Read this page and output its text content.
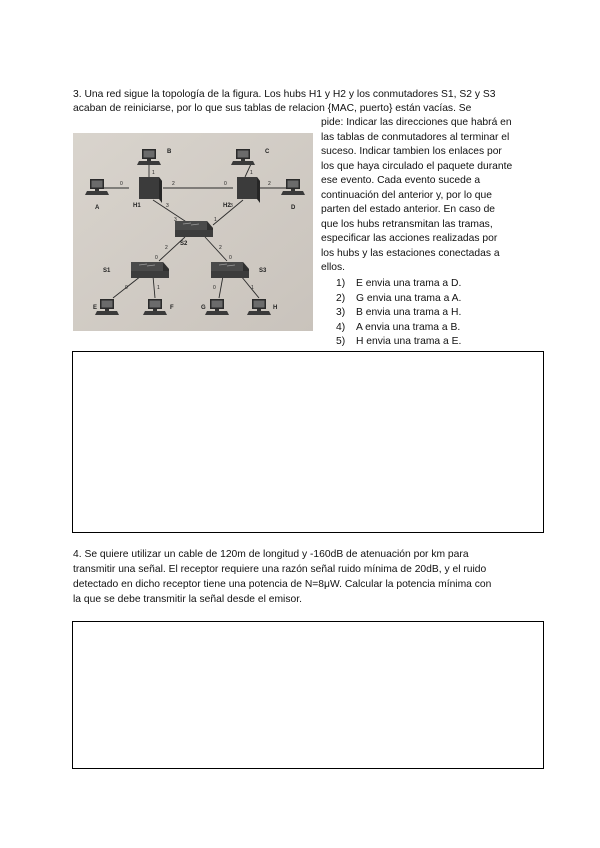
3. Una red sigue la topología de la figura. Los hubs H1 y H2 y los conmutadores S1, S2 y S3
acaban de reiniciarse, por lo que sus tablas de relacion {MAC, puerto} están vacías. Se
pide: Indicar las direcciones que habrá en
las tablas de conmutadores al terminar el
suceso. Indicar tambien los enlaces por
los que haya circulado el paquete durante
ese evento. Cada evento sucede a
continuación del anterior y, por lo que
parten del estado anterior. En caso de
que los hubs retransmitan las tramas,
especificar las acciones realizadas por
los hubs y las estaciones conectadas a
ellos.
1) E envia una trama a D.
2) G envia una trama a A.
3) B envia una trama a H.
4) A envia una trama a B.
5) H envia una trama a E.
H1	H2
S2
S1	S3
A
B	C
D
E	F	G	H
0
1
2
3
0
1
2
3
3	1
2	2
0
0	1
0
0	1
4. Se quiere utilizar un cable de 120m de longitud y -160dB de atenuación por km para
transmitir una señal. El receptor requiere una razón señal ruido mínima de 20dB, y el ruido
detectado en dicho receptor tiene una potencia de N=8μW. Calcular la potencia mínima con
la que se debe transmitir la señal desde el emisor.
